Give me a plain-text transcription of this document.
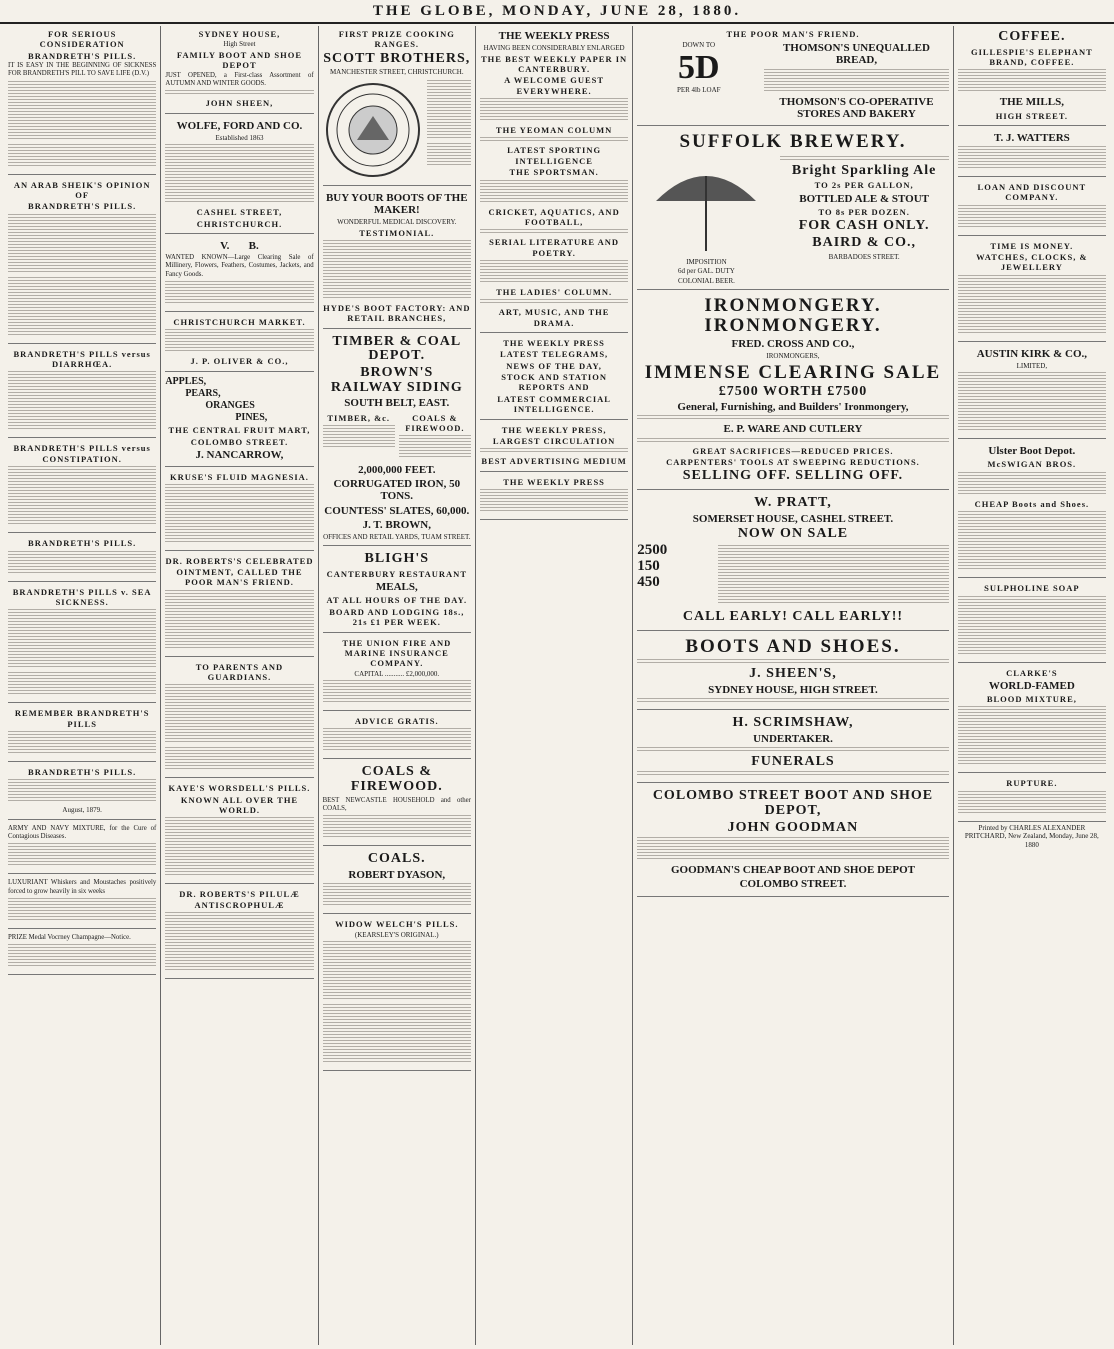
THE GLOBE, MONDAY, JUNE 28, 1880.
FOR SERIOUS CONSIDERATION
BRANDRETH'S PILLS.

IT IS EASY IN THE BEGINNING OF SICKNESS FOR BRANDRETH'S PILL TO SAVE LIFE (D.V.)

AN ARAB SHEIK'S OPINION OF
BRANDRETH'S PILLS.
BRANDRETH'S PILLS versus DIARRHŒA.
BRANDRETH'S PILLS versus CONSTIPATION.
BRANDRETH'S PILLS.
BRANDRETH'S PILLS v. SEA SICKNESS.
REMEMBER BRANDRETH'S PILLS
BRANDRETH'S PILLS.
August, 1879.

ARMY AND NAVY MIXTURE, for the Cure of Contagious Diseases.

LUXURIANT Whiskers and Moustaches positively forced to grow heavily in six weeks

PRIZE Medal Vocrney Champagne—Notice.

SYDNEY HOUSE,
High Street
FAMILY BOOT AND SHOE DEPOT

JUST OPENED, a First-class Assortment of AUTUMN AND WINTER GOODS.

JOHN SHEEN,
WOLFE, FORD AND CO.
Established 1863
CASHEL STREET,
CHRISTCHURCH.
V.       B.

WANTED KNOWN—Large Clearing Sale of Millinery, Flowers, Feathers, Costumes, Jackets, and Fancy Goods.

CHRISTCHURCH MARKET.
J. P. OLIVER & CO.,
APPLES,
PEARS,
ORANGES
PINES,
THE CENTRAL FRUIT MART,
COLOMBO STREET.
J. NANCARROW,
KRUSE'S FLUID MAGNESIA.
DR. ROBERTS'S CELEBRATED OINTMENT, CALLED THE POOR MAN'S FRIEND.
TO PARENTS AND GUARDIANS.
KAYE'S WORSDELL'S PILLS.
KNOWN ALL OVER THE WORLD.
DR. ROBERTS'S PILULÆ ANTISCROPHULÆ
FIRST PRIZE COOKING RANGES.
SCOTT BROTHERS,
MANCHESTER STREET, CHRISTCHURCH.
BUY YOUR BOOTS OF THE MAKER!
WONDERFUL MEDICAL DISCOVERY.
TESTIMONIAL.
HYDE'S BOOT FACTORY: AND RETAIL BRANCHES,
TIMBER & COAL DEPOT.
BROWN'S RAILWAY SIDING
SOUTH BELT, EAST.
TIMBER, &c.	COALS & FIREWOOD.
2,000,000 FEET.
CORRUGATED IRON, 50 TONS.
COUNTESS' SLATES, 60,000.
J. T. BROWN,
OFFICES AND RETAIL YARDS, TUAM STREET.
BLIGH'S
CANTERBURY RESTAURANT
MEALS,
AT ALL HOURS OF THE DAY.
BOARD AND LODGING 18s., 21s £1 PER WEEK.
THE UNION FIRE AND MARINE INSURANCE COMPANY.
CAPITAL ........... £2,000,000.
ADVICE GRATIS.
COALS & FIREWOOD.

BEST NEWCASTLE HOUSEHOLD and other COALS,

COALS.
ROBERT DYASON,
WIDOW WELCH'S PILLS.
(KEARSLEY'S ORIGINAL.)
THE WEEKLY PRESS
HAVING BEEN CONSIDERABLY ENLARGED
THE BEST WEEKLY PAPER IN CANTERBURY.
A WELCOME GUEST EVERYWHERE.
THE YEOMAN COLUMN
LATEST SPORTING INTELLIGENCE
THE SPORTSMAN.
CRICKET, AQUATICS, AND FOOTBALL,
SERIAL LITERATURE AND POETRY.
THE LADIES' COLUMN.
ART, MUSIC, AND THE DRAMA.
THE WEEKLY PRESS
LATEST TELEGRAMS,
NEWS OF THE DAY,
STOCK AND STATION REPORTS AND
LATEST COMMERCIAL INTELLIGENCE.
THE WEEKLY PRESS,
LARGEST CIRCULATION
BEST ADVERTISING MEDIUM
THE WEEKLY PRESS
THE POOR MAN'S FRIEND.
DOWN TO
5D
PER 4lb LOAF
THOMSON'S UNEQUALLED BREAD,
THOMSON'S CO-OPERATIVE STORES AND BAKERY
SUFFOLK BREWERY.
IMPOSITION
6d per GAL. DUTY
COLONIAL BEER.
Bright Sparkling Ale
TO 2s PER GALLON,
BOTTLED ALE & STOUT
TO 8s PER DOZEN.
FOR CASH ONLY.
BAIRD & CO.,
BARBADOES STREET.
IRONMONGERY. IRONMONGERY.
FRED. CROSS AND CO.,
IRONMONGERS,
IMMENSE CLEARING SALE
£7500 WORTH £7500
General, Furnishing, and Builders' Ironmongery,
E. P. WARE AND CUTLERY
GREAT SACRIFICES—REDUCED PRICES.
CARPENTERS' TOOLS AT SWEEPING REDUCTIONS.
SELLING OFF. SELLING OFF.
W. PRATT,
SOMERSET HOUSE, CASHEL STREET.
NOW ON SALE
2500
150
450
CALL EARLY! CALL EARLY!!
BOOTS AND SHOES.
J. SHEEN'S,
SYDNEY HOUSE, HIGH STREET.
H. SCRIMSHAW,
UNDERTAKER.
FUNERALS
COLOMBO STREET BOOT AND SHOE DEPOT,
JOHN GOODMAN
GOODMAN'S CHEAP BOOT AND SHOE DEPOT
COLOMBO STREET.
COFFEE.
GILLESPIE'S ELEPHANT BRAND, COFFEE.
THE MILLS,
HIGH STREET.
T. J. WATTERS
LOAN AND DISCOUNT COMPANY.
TIME IS MONEY.
WATCHES, CLOCKS, & JEWELLERY
AUSTIN KIRK & CO.,
LIMITED,
Ulster Boot Depot.
McSWIGAN BROS.
CHEAP Boots and Shoes.
SULPHOLINE SOAP
CLARKE'S
WORLD-FAMED
BLOOD MIXTURE,
RUPTURE.
Printed by CHARLES ALEXANDER PRITCHARD, New Zealand, Monday, June 28, 1880
